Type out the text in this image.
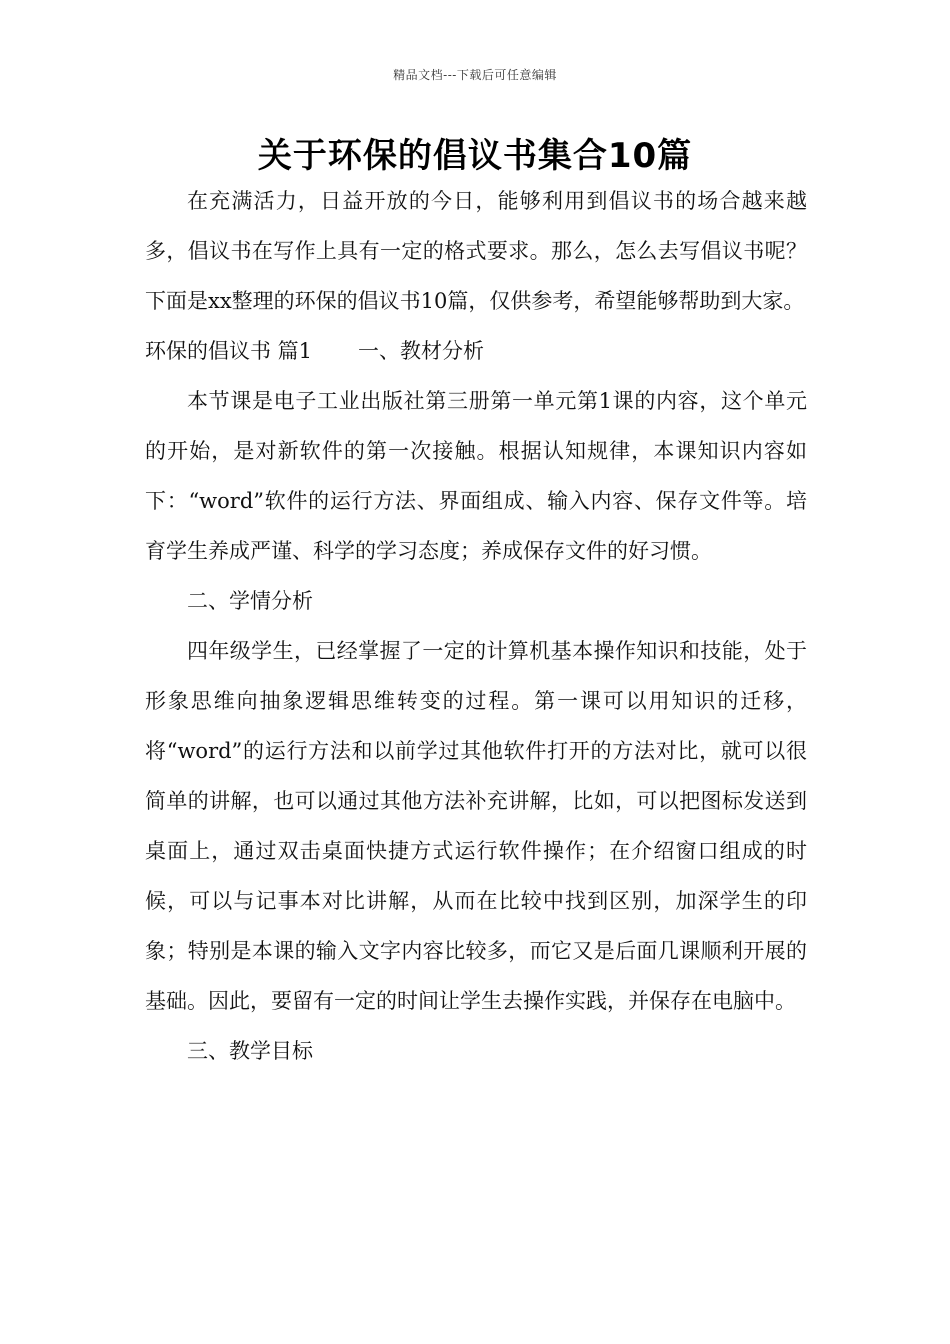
精品文档---下载后可任意编辑
关于环保的倡议书集合10篇

在充满活力，日益开放的今日，能够利用到倡议书的场合越来越多，倡议书在写作上具有一定的格式要求。那么，怎么去写倡议书呢？下面是xx整理的环保的倡议书10篇，仅供参考，希望能够帮助到大家。

环保的倡议书 篇1 一、教材分析

本节课是电子工业出版社第三册第一单元第1课的内容，这个单元的开始，是对新软件的第一次接触。根据认知规律，本课知识内容如下：“word”软件的运行方法、界面组成、输入内容、保存文件等。培育学生养成严谨、科学的学习态度；养成保存文件的好习惯。

二、学情分析

四年级学生，已经掌握了一定的计算机基本操作知识和技能，处于形象思维向抽象逻辑思维转变的过程。第一课可以用知识的迁移，将“word”的运行方法和以前学过其他软件打开的方法对比，就可以很简单的讲解，也可以通过其他方法补充讲解，比如，可以把图标发送到桌面上，通过双击桌面快捷方式运行软件操作；在介绍窗口组成的时候，可以与记事本对比讲解，从而在比较中找到区别，加深学生的印象；特别是本课的输入文字内容比较多，而它又是后面几课顺利开展的基础。因此，要留有一定的时间让学生去操作实践，并保存在电脑中。

三、教学目标
